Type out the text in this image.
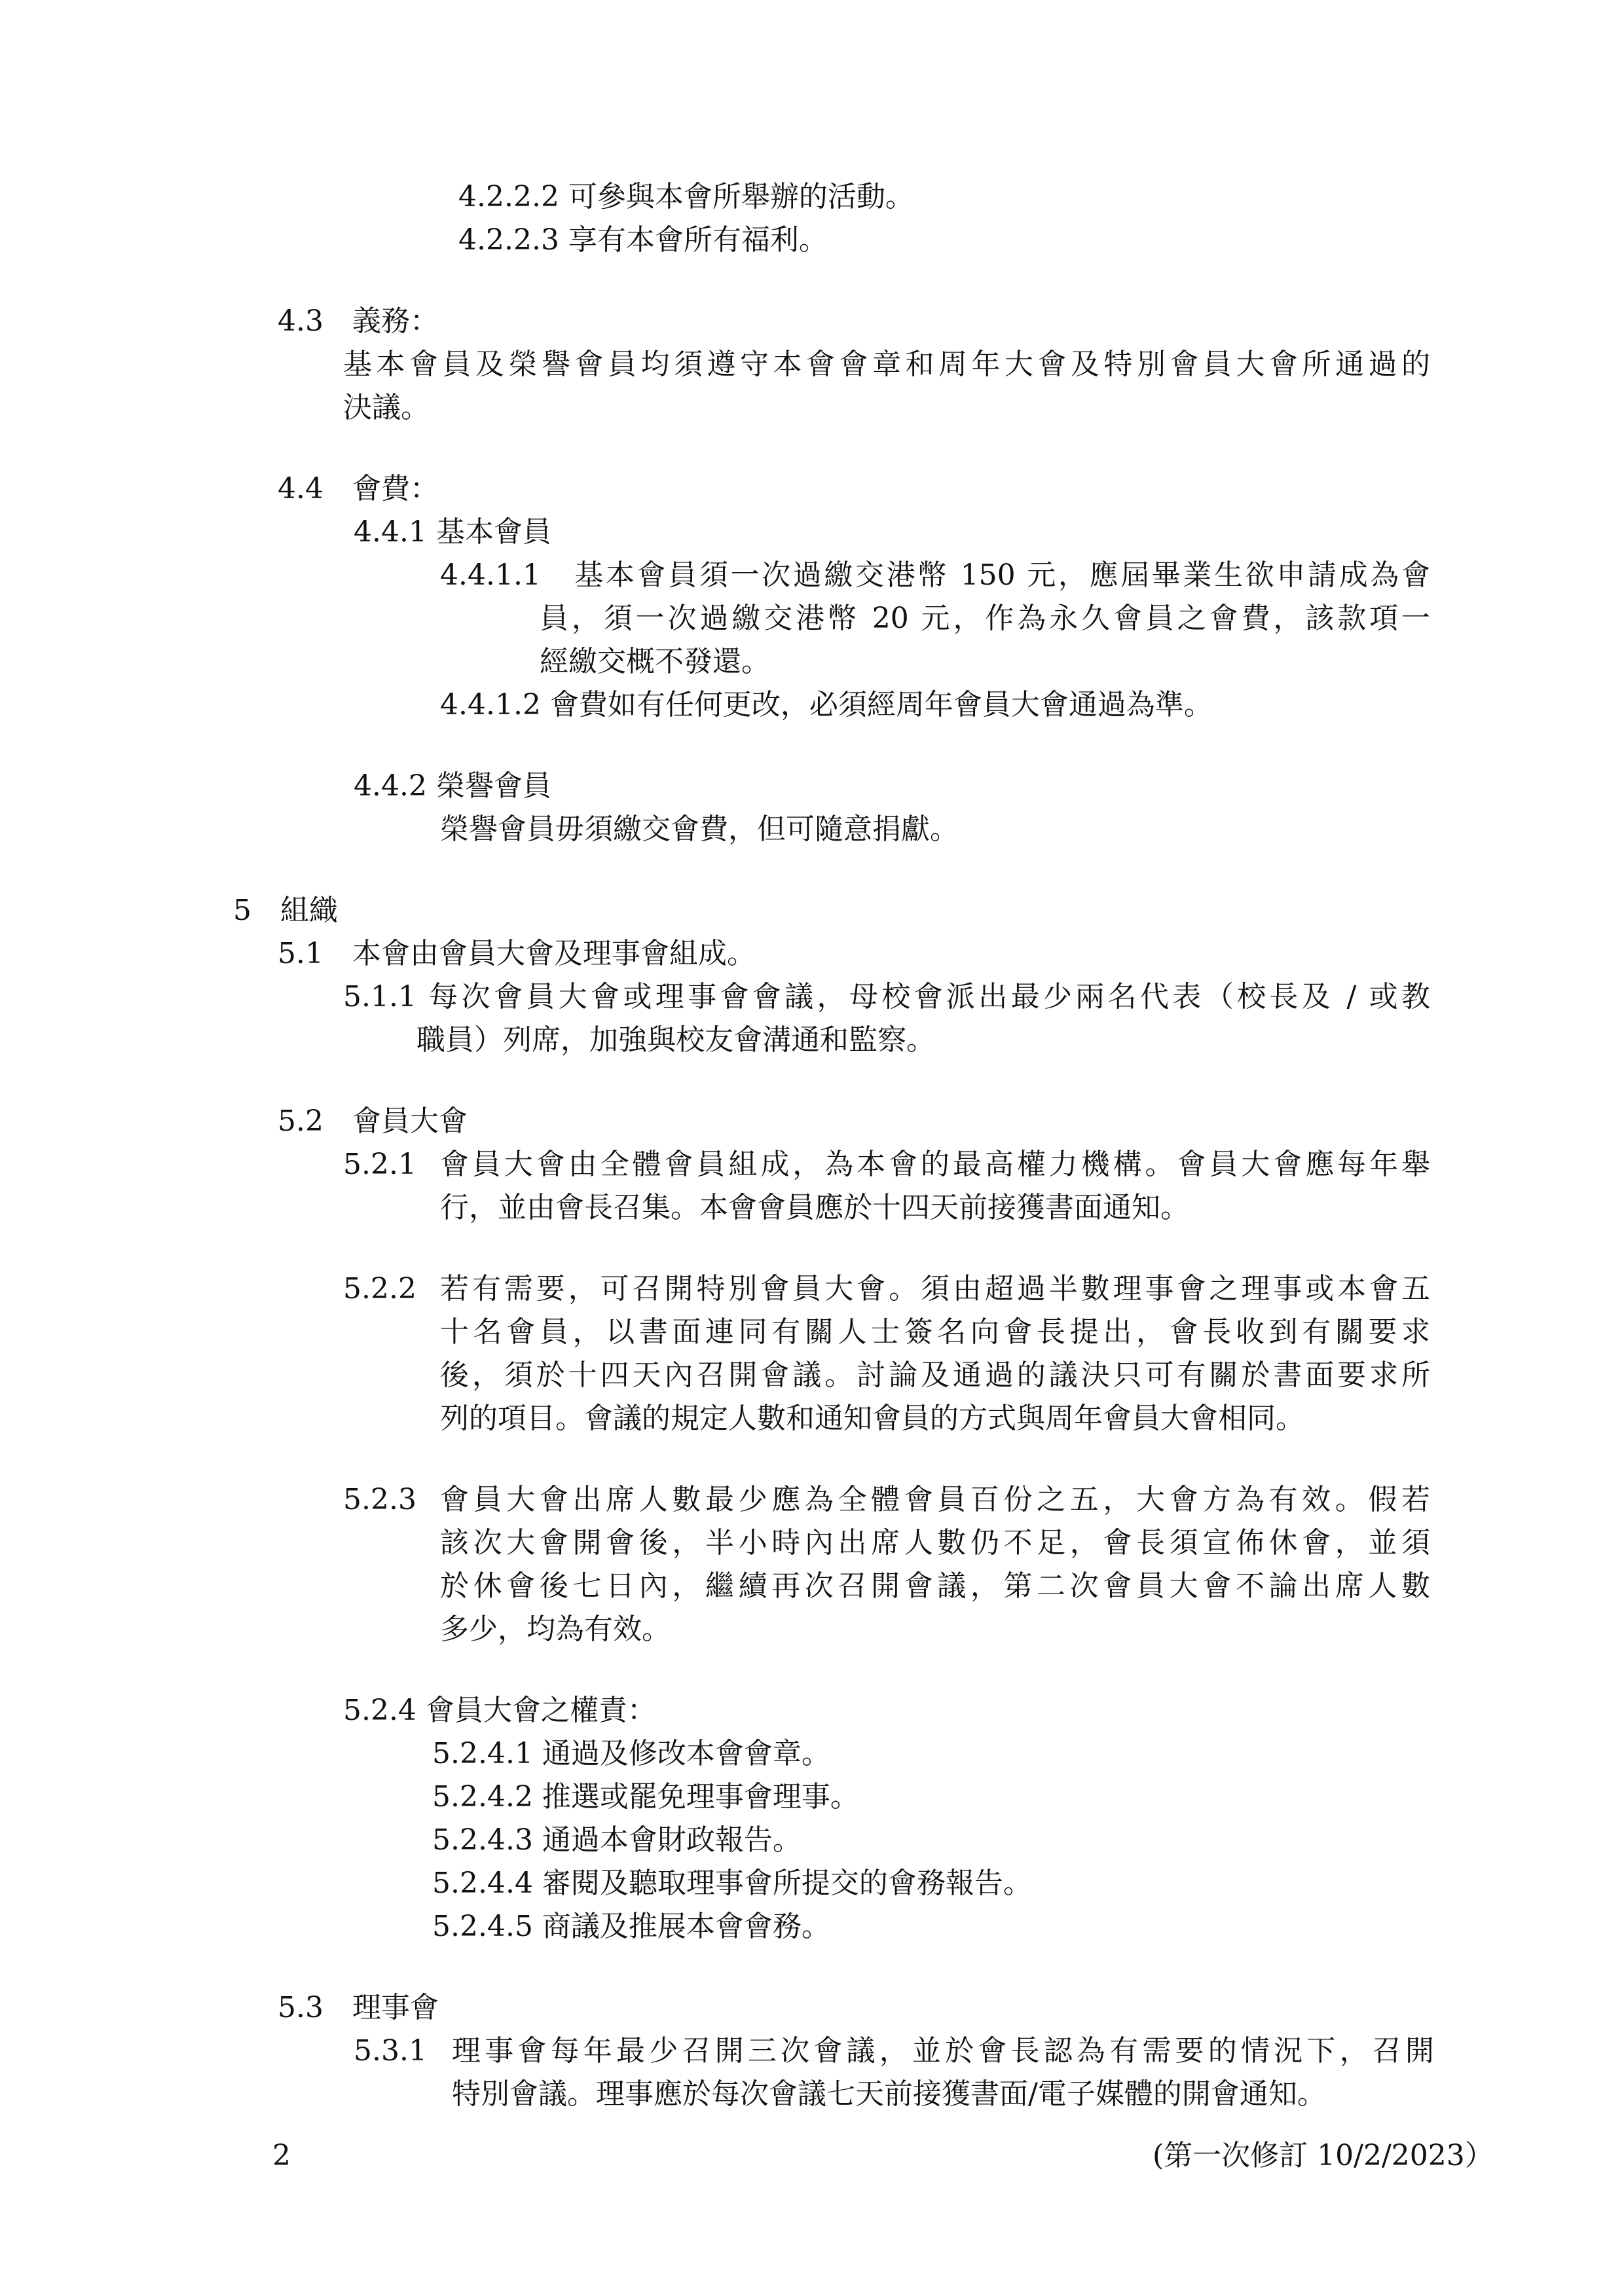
4.2.2.2 可參與本會所舉辦的活動。
4.2.2.3 享有本會所有福利。
4.3　義務：
基本會員及榮譽會員均須遵守本會會章和周年大會及特別會員大會所通過的
決議。
4.4　會費：
4.4.1 基本會員
4.4.1.1　基本會員須一次過繳交港幣 150 元，應屆畢業生欲申請成為會
員，須一次過繳交港幣 20 元，作為永久會員之會費，該款項一
經繳交概不發還。
4.4.1.2 會費如有任何更改，必須經周年會員大會通過為準。
4.4.2 榮譽會員
榮譽會員毋須繳交會費，但可隨意捐獻。
5　組織
5.1　本會由會員大會及理事會組成。
5.1.1 每次會員大會或理事會會議，母校會派出最少兩名代表（校長及 / 或教
職員）列席，加強與校友會溝通和監察。
5.2　會員大會
5.2.1 會員大會由全體會員組成，為本會的最高權力機構。會員大會應每年舉
行，並由會長召集。本會會員應於十四天前接獲書面通知。
5.2.2 若有需要，可召開特別會員大會。須由超過半數理事會之理事或本會五
十名會員，以書面連同有關人士簽名向會長提出，會長收到有關要求
後，須於十四天內召開會議。討論及通過的議決只可有關於書面要求所
列的項目。會議的規定人數和通知會員的方式與周年會員大會相同。
5.2.3 會員大會出席人數最少應為全體會員百份之五，大會方為有效。假若
該次大會開會後，半小時內出席人數仍不足，會長須宣佈休會，並須
於休會後七日內，繼續再次召開會議，第二次會員大會不論出席人數
多少，均為有效。
5.2.4 會員大會之權責：
5.2.4.1 通過及修改本會會章。
5.2.4.2 推選或罷免理事會理事。
5.2.4.3 通過本會財政報告。
5.2.4.4 審閱及聽取理事會所提交的會務報告。
5.2.4.5 商議及推展本會會務。
5.3　理事會
5.3.1 理事會每年最少召開三次會議，並於會長認為有需要的情況下，召開
特別會議。理事應於每次會議七天前接獲書面/電子媒體的開會通知。
2	(第一次修訂 10/2/2023）
